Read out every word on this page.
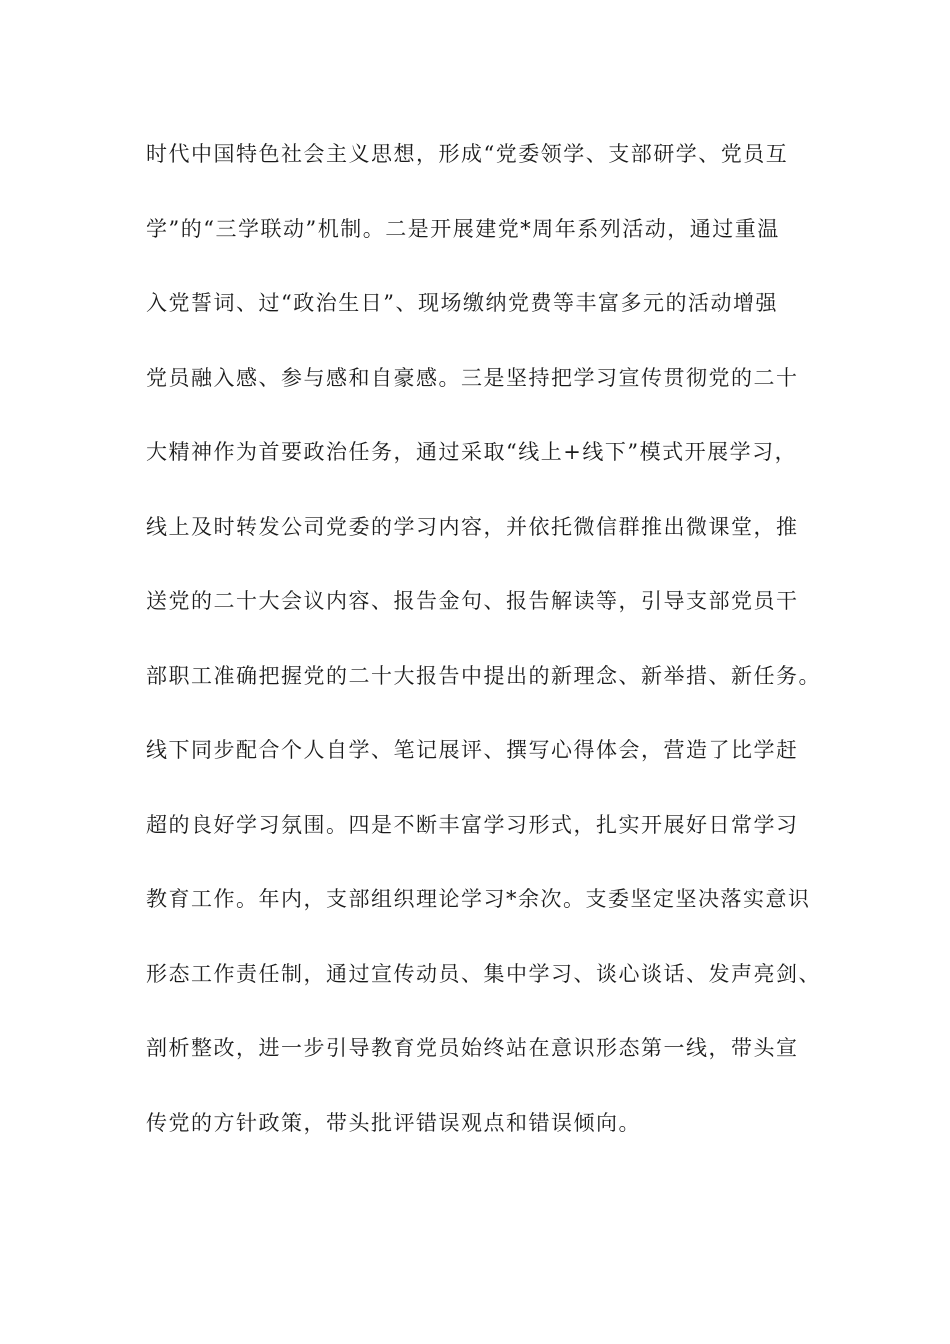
时代中国特色社会主义思想，形成“党委领学、支部研学、党员互
学”的“三学联动”机制。二是开展建党*周年系列活动，通过重温
入党誓词、过“政治生日”、现场缴纳党费等丰富多元的活动增强
党员融入感、参与感和自豪感。三是坚持把学习宣传贯彻党的二十
大精神作为首要政治任务，通过采取“线上+线下”模式开展学习，
线上及时转发公司党委的学习内容，并依托微信群推出微课堂，推
送党的二十大会议内容、报告金句、报告解读等，引导支部党员干
部职工准确把握党的二十大报告中提出的新理念、新举措、新任务。
线下同步配合个人自学、笔记展评、撰写心得体会，营造了比学赶
超的良好学习氛围。四是不断丰富学习形式，扎实开展好日常学习
教育工作。年内，支部组织理论学习*余次。支委坚定坚决落实意识
形态工作责任制，通过宣传动员、集中学习、谈心谈话、发声亮剑、
剖析整改，进一步引导教育党员始终站在意识形态第一线，带头宣
传党的方针政策，带头批评错误观点和错误倾向。
